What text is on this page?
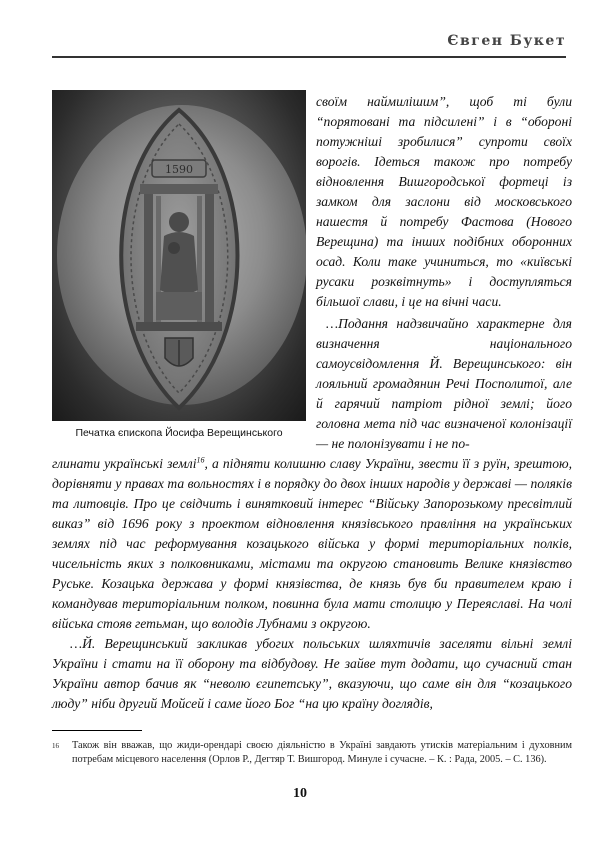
Євген Букет
1590
Печатка єпископа Йосифа Верещинського

своїм наймилішим”, щоб ті були “порятовані та підсилені” і в “обороні потужніші зробилися” супроти своїх ворогів. Ідеться також про потребу відновлення Вишгородської фортеці із замком для заслони від московського нашестя й потребу Фастова (Нового Верещина) та інших подібних оборонних осад. Коли таке учиниться, то «київські русаки розквітнуть» і доступляться більшої слави, і це на вічні часи.

…Подання надзвичайно характерне для визначення національного самоусвідомлення Й. Верещинського: він лояльний громадянин Речі Посполитої, але й гарячий патріот рідної землі; його головна мета під час визначеної колонізації — не полонізувати і не по-

глинати українські землі$^{16}$, а підняти колишню славу України, звести її з руїн, зрештою, дорівняти у правах та вольностях і в порядку до двох інших народів у державі — поляків та литовців. Про це свідчить і винятковий інтерес “Війську Запорозькому пресвітлий виказ” від 1696 року з проектом відновлення князівського правління на українських землях під час реформування козацького війська у формі територіальних полків, чисельність яких з полковниками, містами та округою становить Велике князівство Руське. Козацька держава у формі князівства, де князь був би правителем краю і командував територіальним полком, повинна була мати столицю у Переяславі. На чолі війська стояв гетьман, що володів Лубнами з округою.

…Й. Верещинський закликав убогих польських шляхтичів заселяти вільні землі України і стати на її оборону та відбудову. Не зайве тут додати, що сучасний стан України автор бачив як “неволю єгипетську”, вказуючи, що саме він для “козацького люду” ніби другий Мойсей і саме його Бог “на цю країну доглядів,

16 Також він вважав, що жиди-орендарі своєю діяльністю в Україні завдають утисків матеріальним і духовним потребам місцевого населення (Орлов Р., Дегтяр Т. Вишгород. Минуле і сучасне. – К. : Рада, 2005. – С. 136).
10
